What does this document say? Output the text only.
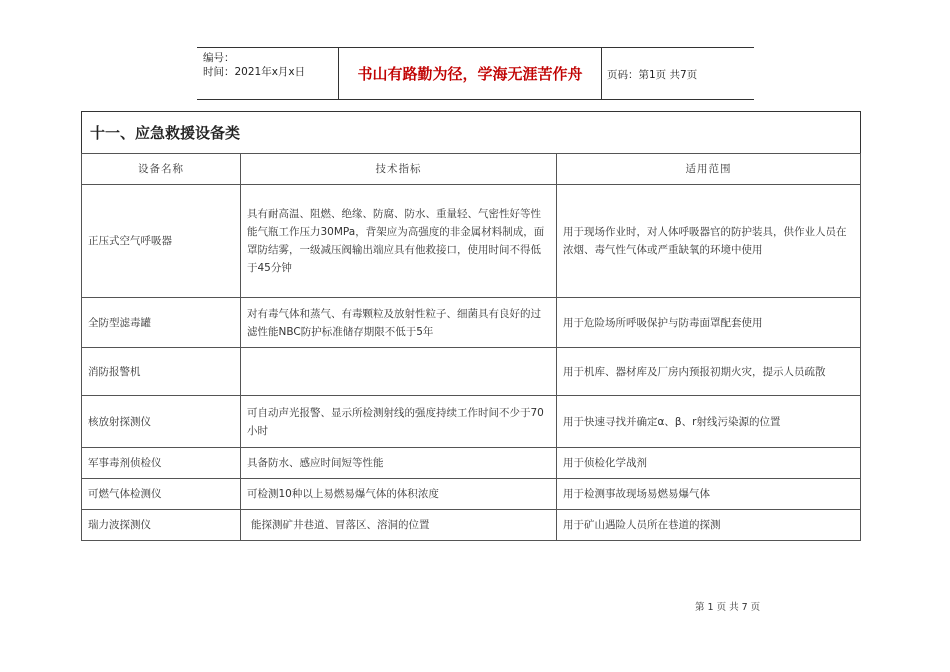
编号：
时间：2021年x月x日	书山有路勤为径，学海无涯苦作舟	页码：第1页 共7页
十一、应急救援设备类
设备名称	技术指标	适用范围
正压式空气呼吸器	具有耐高温、阻燃、绝缘、防腐、防水、重量轻、气密性好等性能气瓶工作压力30MPa，背架应为高强度的非金属材料制成，面罩防结雾，一级减压阀输出端应具有他救接口，使用时间不得低于45分钟	用于现场作业时，对人体呼吸器官的防护装具，供作业人员在浓烟、毒气性气体或严重缺氧的环境中使用
全防型滤毒罐	对有毒气体和蒸气、有毒颗粒及放射性粒子、细菌具有良好的过滤性能NBC防护标准储存期限不低于5年	用于危险场所呼吸保护与防毒面罩配套使用
消防报警机		用于机库、器材库及厂房内预报初期火灾，提示人员疏散
核放射探测仪	可自动声光报警、显示所检测射线的强度持续工作时间不少于70小时	用于快速寻找并确定α、β、r射线污染源的位置
军事毒剂侦检仪	具备防水、感应时间短等性能	用于侦检化学战剂
可燃气体检测仪	可检测10种以上易燃易爆气体的体积浓度	用于检测事故现场易燃易爆气体
瑞力波探测仪	能探测矿井巷道、冒落区、溶洞的位置	用于矿山遇险人员所在巷道的探测
第 1 页 共 7 页
